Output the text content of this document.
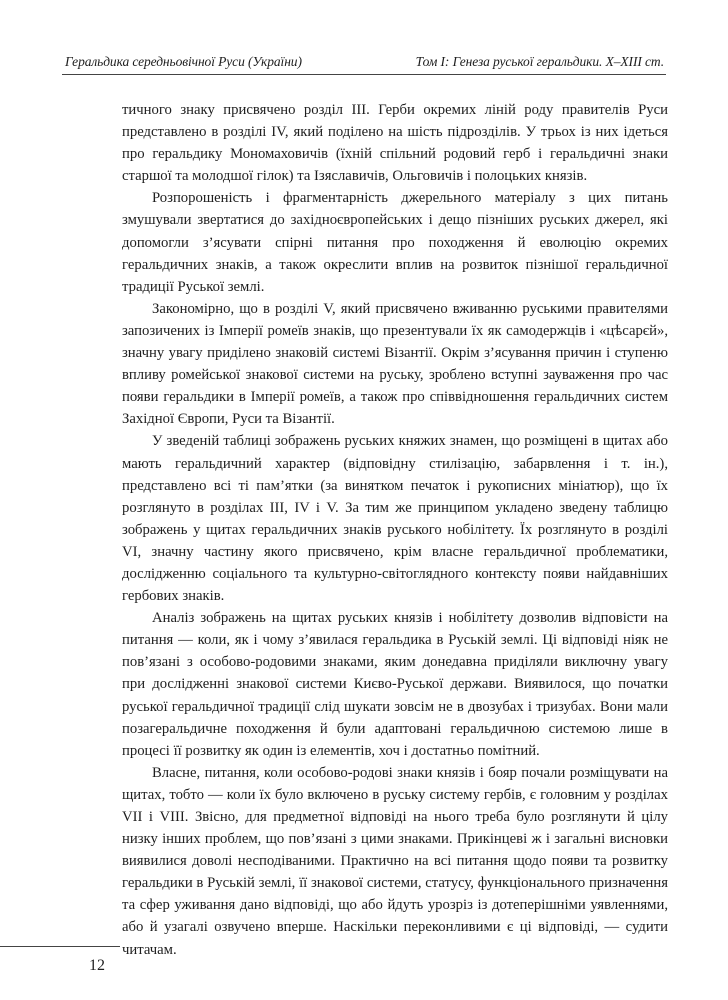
Геральдика середньовічної Руси (України)	Том I: Генеза руської геральдики. X–XIII ст.

тичного знаку присвячено розділ III. Герби окремих ліній роду правителів Руси представлено в розділі IV, який поділено на шість підрозділів. У трьох із них ідеться про геральдику Мономаховичів (їхній спільний родовий герб і геральдичні знаки старшої та молодшої гілок) та Ізяславичів, Ольговичів і полоцьких князів.

Розпорошеність і фрагментарність джерельного матеріалу з цих питань змушували звертатися до західноєвропейських і дещо пізніших руських джерел, які допомогли з’ясувати спірні питання про походження й еволюцію окремих геральдичних знаків, а також окреслити вплив на розвиток пізнішої геральдичної традиції Руської землі.

Закономірно, що в розділі V, який присвячено вживанню руськими правителями запозичених із Імперії ромеїв знаків, що презентували їх як самодержців і «цѣсарєй», значну увагу приділено знаковій системі Візантії. Окрім з’ясування причин і ступеню впливу ромейської знакової системи на руську, зроблено вступні зауваження про час появи геральдики в Імперії ромеїв, а також про співвідношення геральдичних систем Західної Європи, Руси та Візантії.

У зведеній таблиці зображень руських княжих знамен, що розміщені в щитах або мають геральдичний характер (відповідну стилізацію, забарвлення і т. ін.), представлено всі ті пам’ятки (за винятком печаток і рукописних мініатюр), що їх розглянуто в розділах III, IV і V. За тим же принципом укладено зведену таблицю зображень у щитах геральдичних знаків руського нобілітету. Їх розглянуто в розділі VI, значну частину якого присвячено, крім власне геральдичної проблематики, дослідженню соціального та культурно-світоглядного контексту появи найдавніших гербових знаків.

Аналіз зображень на щитах руських князів і нобілітету дозволив відповісти на питання — коли, як і чому з’явилася геральдика в Руській землі. Ці відповіді ніяк не пов’язані з особово-родовими знаками, яким донедавна приділяли виключну увагу при дослідженні знакової системи Києво-Руської держави. Виявилося, що початки руської геральдичної традиції слід шукати зовсім не в двозубах і тризубах. Вони мали позагеральдичне походження й були адаптовані геральдичною системою лише в процесі її розвитку як один із елементів, хоч і достатньо помітний.

Власне, питання, коли особово-родові знаки князів і бояр почали розміщувати на щитах, тобто — коли їх було включено в руську систему гербів, є головним у розділах VII і VIII. Звісно, для предметної відповіді на нього треба було розглянути й цілу низку інших проблем, що пов’язані з цими знаками. Прикінцеві ж і загальні висновки виявилися доволі несподіваними. Практично на всі питання щодо появи та розвитку геральдики в Руській землі, її знакової системи, статусу, функціонального призначення та сфер уживання дано відповіді, що або йдуть урозріз із дотеперішніми уявленнями, або й узагалі озвучено вперше. Наскільки переконливими є ці відповіді, — судити читачам.

12
